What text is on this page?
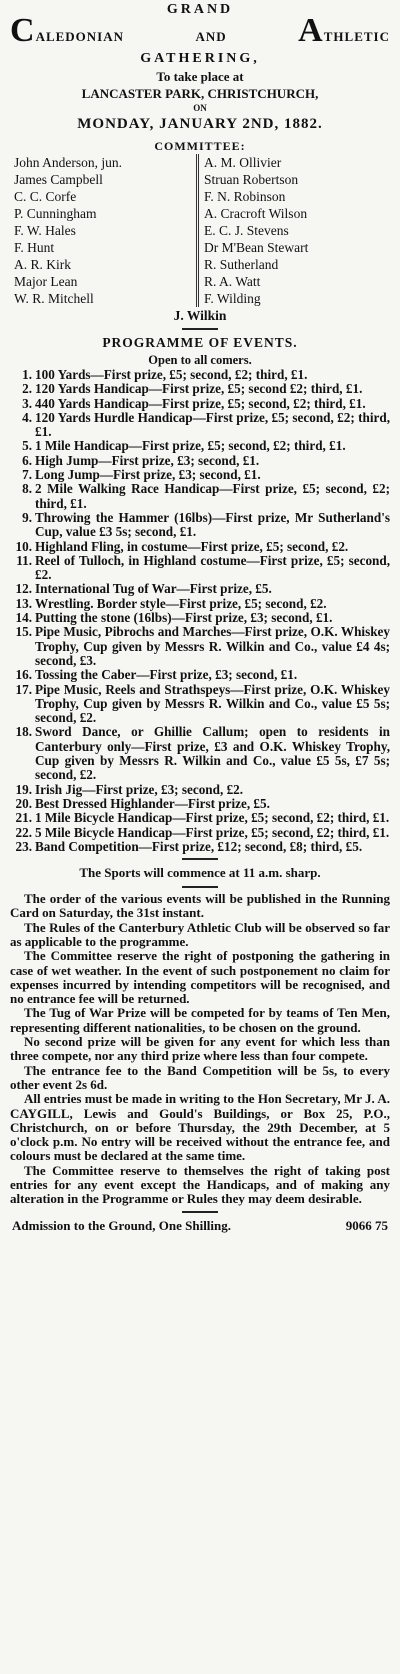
GRAND
CALEDONIAN	AND ATHLETIC
GATHERING,
To take place at
LANCASTER PARK, CHRISTCHURCH,
ON
MONDAY, JANUARY 2ND, 1882.
COMMITTEE:
John Anderson, jun.
James Campbell
C. C. Corfe
P. Cunningham
F. W. Hales
F. Hunt
A. R. Kirk
Major Lean
W. R. Mitchell
A. M. Ollivier
Struan Robertson
F. N. Robinson
A. Cracroft Wilson
E. C. J. Stevens
Dr M'Bean Stewart
R. Sutherland
R. A. Watt
F. Wilding
J. Wilkin
PROGRAMME OF EVENTS.
Open to all comers.
1. 100 Yards—First prize, £5; second, £2; third, £1.
2. 120 Yards Handicap—First prize, £5; second £2; third, £1.
3. 440 Yards Handicap—First prize, £5; second, £2; third, £1.
4. 120 Yards Hurdle Handicap—First prize, £5; second, £2; third, £1.
5. 1 Mile Handicap—First prize, £5; second, £2; third, £1.
6. High Jump—First prize, £3; second, £1.
7. Long Jump—First prize, £3; second, £1.
8. 2 Mile Walking Race Handicap—First prize, £5; second, £2; third, £1.
9. Throwing the Hammer (16lbs)—First prize, Mr Sutherland's Cup, value £3 5s; second, £1.
10. Highland Fling, in costume—First prize, £5; second, £2.
11. Reel of Tulloch, in Highland costume—First prize, £5; second, £2.
12. International Tug of War—First prize, £5.
13. Wrestling. Border style—First prize, £5; second, £2.
14. Putting the stone (16lbs)—First prize, £3; second, £1.
15. Pipe Music, Pibrochs and Marches—First prize, O.K. Whiskey Trophy, Cup given by Messrs R. Wilkin and Co., value £4 4s; second, £3.
16. Tossing the Caber—First prize, £3; second, £1.
17. Pipe Music, Reels and Strathspeys—First prize, O.K. Whiskey Trophy, Cup given by Messrs R. Wilkin and Co., value £5 5s; second, £2.
18. Sword Dance, or Ghillie Callum; open to residents in Canterbury only—First prize, £3 and O.K. Whiskey Trophy, Cup given by Messrs R. Wilkin and Co., value £5 5s, £7 5s; second, £2.
19. Irish Jig—First prize, £3; second, £2.
20. Best Dressed Highlander—First prize, £5.
21. 1 Mile Bicycle Handicap—First prize, £5; second, £2; third, £1.
22. 5 Mile Bicycle Handicap—First prize, £5; second, £2; third, £1.
23. Band Competition—First prize, £12; second, £8; third, £5.
The Sports will commence at 11 a.m. sharp.

The order of the various events will be published in the Running Card on Saturday, the 31st instant.

The Rules of the Canterbury Athletic Club will be observed so far as applicable to the programme.

The Committee reserve the right of postponing the gathering in case of wet weather. In the event of such postponement no claim for expenses incurred by intending competitors will be recognised, and no entrance fee will be returned.

The Tug of War Prize will be competed for by teams of Ten Men, representing different nationalities, to be chosen on the ground.

No second prize will be given for any event for which less than three compete, nor any third prize where less than four compete.

The entrance fee to the Band Competition will be 5s, to every other event 2s 6d.

All entries must be made in writing to the Hon Secretary, Mr J. A. CAYGILL, Lewis and Gould's Buildings, or Box 25, P.O., Christchurch, on or before Thursday, the 29th December, at 5 o'clock p.m. No entry will be received without the entrance fee, and colours must be declared at the same time.

The Committee reserve to themselves the right of taking post entries for any event except the Handicaps, and of making any alteration in the Programme or Rules they may deem desirable.

Admission to the Ground, One Shilling.	9066 75
